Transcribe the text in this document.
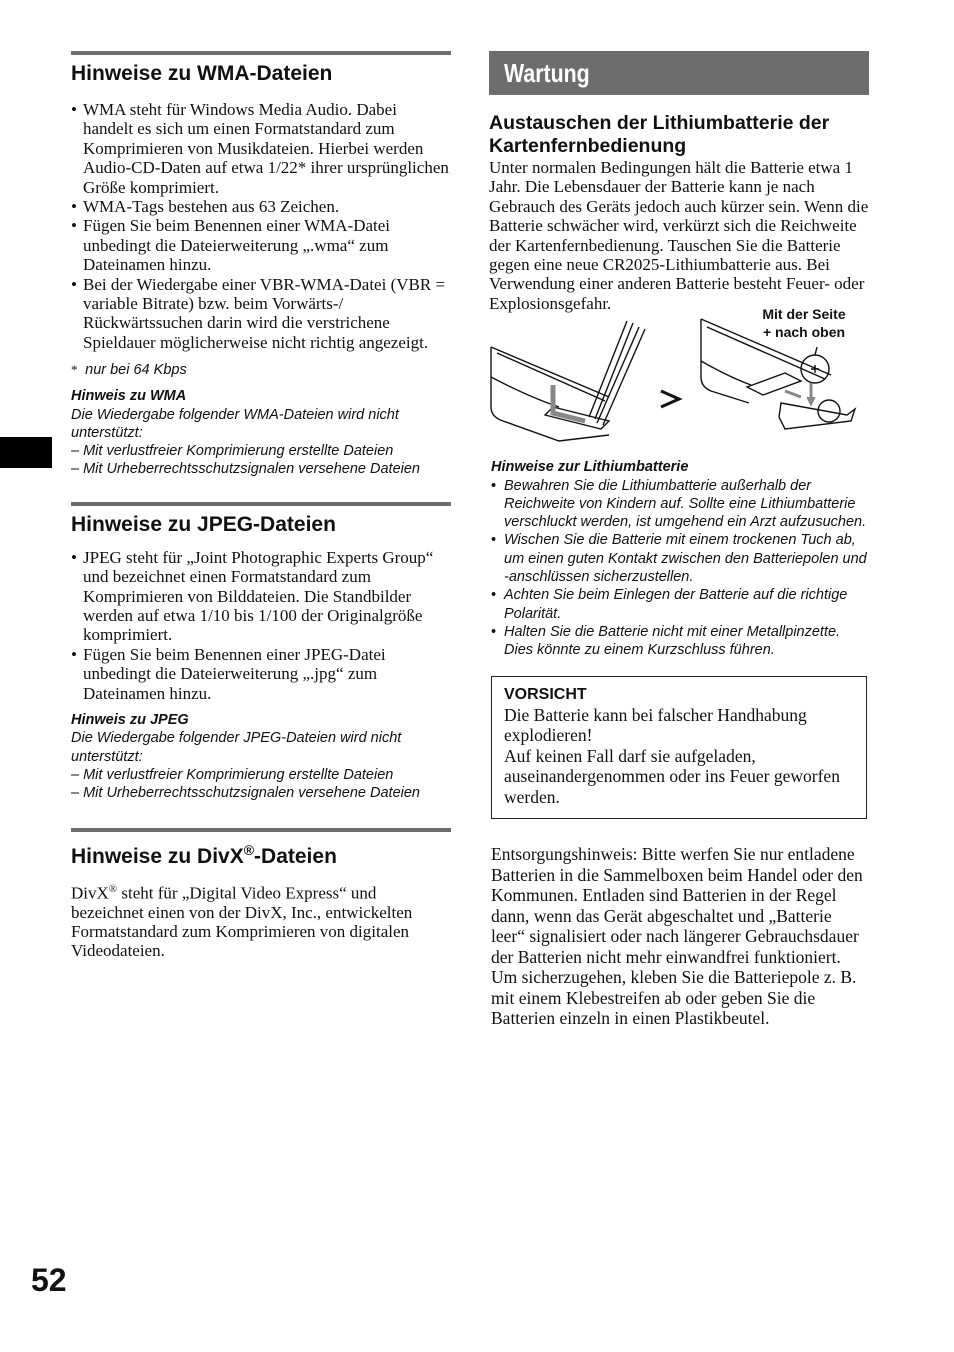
Hinweise zu WMA-Dateien
• WMA steht für Windows Media Audio. Dabei handelt es sich um einen Formatstandard zum Komprimieren von Musikdateien. Hierbei werden Audio-CD-Daten auf etwa 1/22* ihrer ursprünglichen Größe komprimiert.
• WMA-Tags bestehen aus 63 Zeichen.
• Fügen Sie beim Benennen einer WMA-Datei unbedingt die Dateierweiterung „.wma“ zum Dateinamen hinzu.
• Bei der Wiedergabe einer VBR-WMA-Datei (VBR = variable Bitrate) bzw. beim Vorwärts-/ Rückwärtssuchen darin wird die verstrichene Spieldauer möglicherweise nicht richtig angezeigt.
* nur bei 64 Kbps
Hinweis zu WMA
Die Wiedergabe folgender WMA-Dateien wird nicht unterstützt:
– Mit verlustfreier Komprimierung erstellte Dateien
– Mit Urheberrechtsschutzsignalen versehene Dateien
Hinweise zu JPEG-Dateien
• JPEG steht für „Joint Photographic Experts Group“ und bezeichnet einen Formatstandard zum Komprimieren von Bilddateien. Die Standbilder werden auf etwa 1/10 bis 1/100 der Originalgröße komprimiert.
• Fügen Sie beim Benennen einer JPEG-Datei unbedingt die Dateierweiterung „.jpg“ zum Dateinamen hinzu.
Hinweis zu JPEG
Die Wiedergabe folgender JPEG-Dateien wird nicht unterstützt:
– Mit verlustfreier Komprimierung erstellte Dateien
– Mit Urheberrechtsschutzsignalen versehene Dateien
Hinweise zu DivX®-Dateien
DivX® steht für „Digital Video Express“ und bezeichnet einen von der DivX, Inc., entwickelten Formatstandard zum Komprimieren von digitalen Videodateien.
Wartung
Austauschen der Lithiumbatterie der Kartenfernbedienung
Unter normalen Bedingungen hält die Batterie etwa 1 Jahr. Die Lebensdauer der Batterie kann je nach Gebrauch des Geräts jedoch auch kürzer sein. Wenn die Batterie schwächer wird, verkürzt sich die Reichweite der Kartenfernbedienung. Tauschen Sie die Batterie gegen eine neue CR2025-Lithiumbatterie aus. Bei Verwendung einer anderen Batterie besteht Feuer- oder Explosionsgefahr.
Mit der Seite
+ nach oben
Hinweise zur Lithiumbatterie
• Bewahren Sie die Lithiumbatterie außerhalb der Reichweite von Kindern auf. Sollte eine Lithiumbatterie verschluckt werden, ist umgehend ein Arzt aufzusuchen.
• Wischen Sie die Batterie mit einem trockenen Tuch ab, um einen guten Kontakt zwischen den Batteriepolen und -anschlüssen sicherzustellen.
• Achten Sie beim Einlegen der Batterie auf die richtige Polarität.
• Halten Sie die Batterie nicht mit einer Metallpinzette. Dies könnte zu einem Kurzschluss führen.
VORSICHT
Die Batterie kann bei falscher Handhabung explodieren!
Auf keinen Fall darf sie aufgeladen, auseinandergenommen oder ins Feuer geworfen werden.
Entsorgungshinweis: Bitte werfen Sie nur entladene Batterien in die Sammelboxen beim Handel oder den Kommunen. Entladen sind Batterien in der Regel dann, wenn das Gerät abgeschaltet und „Batterie leer“ signalisiert oder nach längerer Gebrauchsdauer der Batterien nicht mehr einwandfrei funktioniert.
Um sicherzugehen, kleben Sie die Batteriepole z. B. mit einem Klebestreifen ab oder geben Sie die Batterien einzeln in einen Plastikbeutel.
52
